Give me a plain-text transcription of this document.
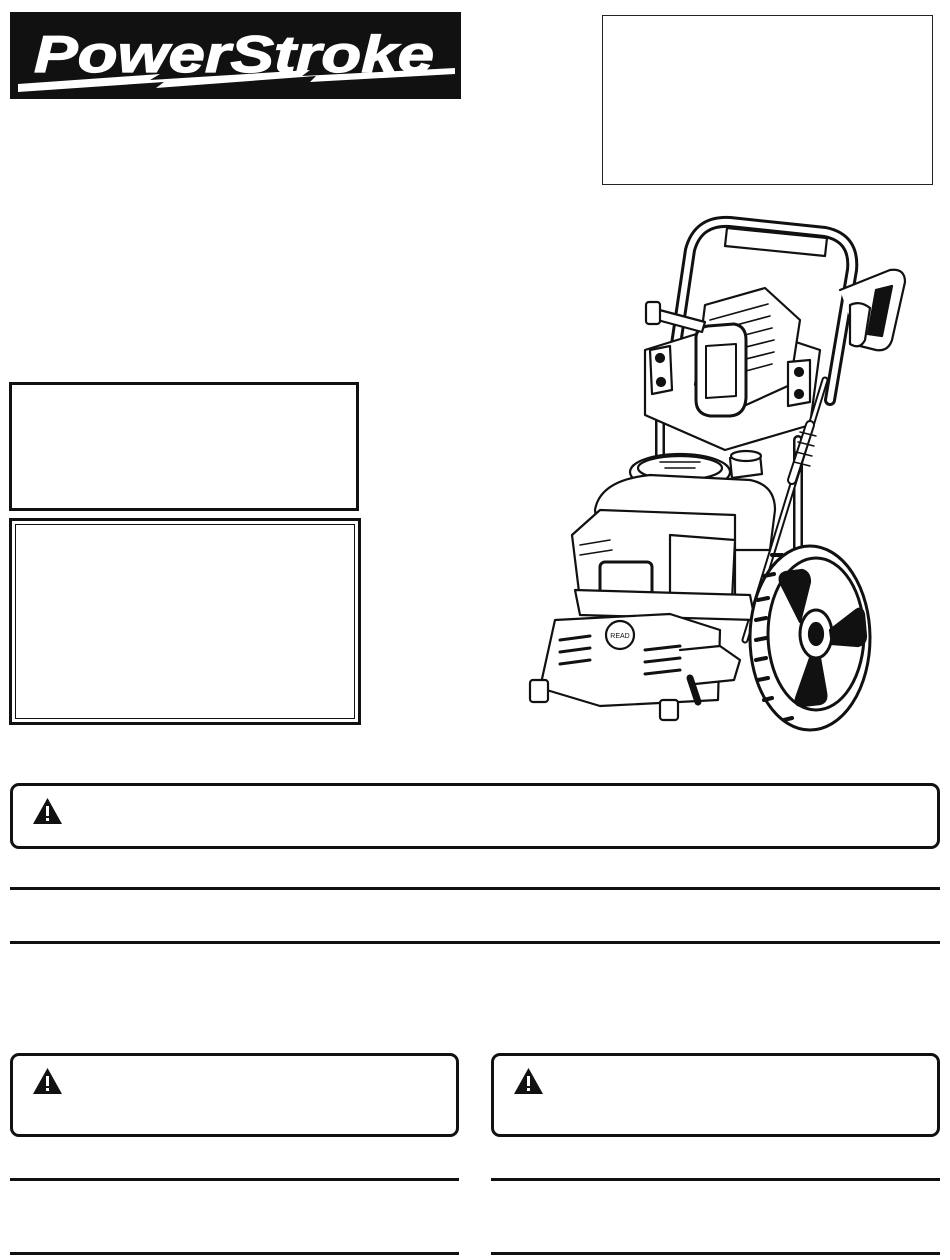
PowerStroke
READ
